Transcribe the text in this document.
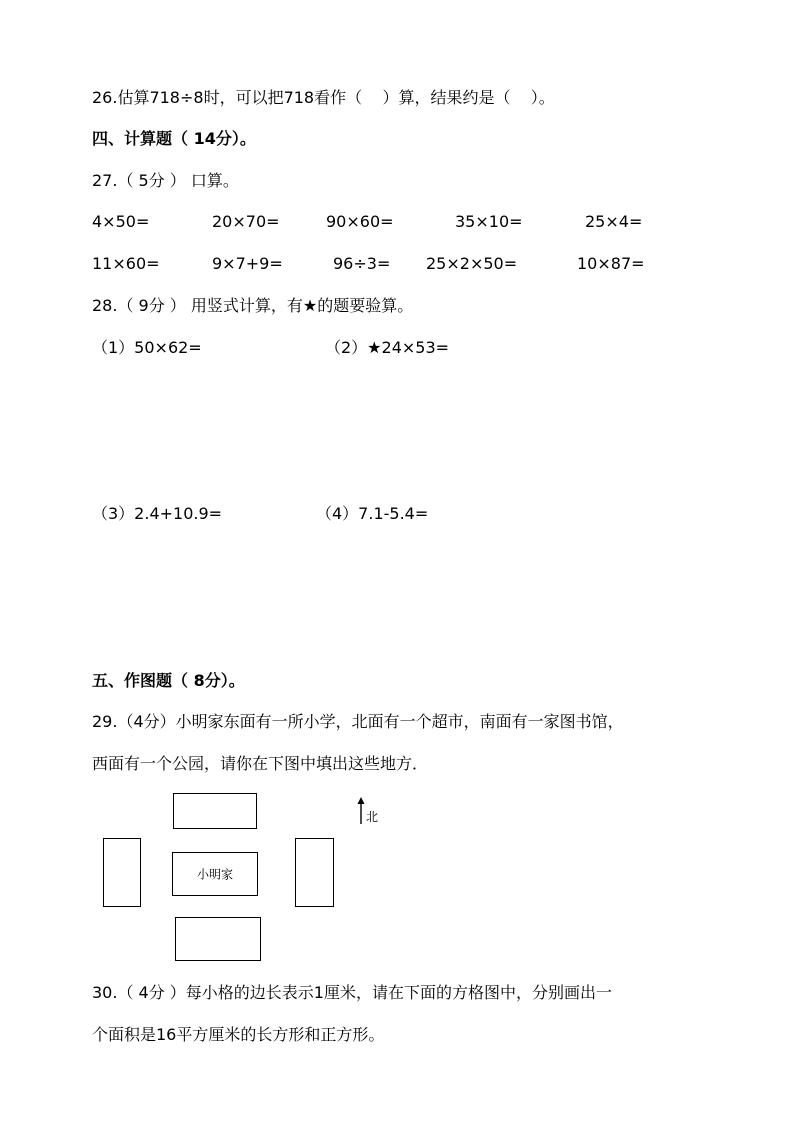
26.估算718÷8时，可以把718看作（    ）算，结果约是（    ）。
四、计算题（ 14分）。
27.（ 5分 ） 口算。
4×50=	20×70=	90×60=	35×10=	25×4=
11×60=	9×7+9=	96÷3= 25×2×50=	10×87=
28.（ 9分 ） 用竖式计算，有★的题要验算。
（1）50×62=	（2）★24×53=
（3）2.4+10.9=	（4）7.1-5.4=
五、作图题（ 8分）。
29.（4分）小明家东面有一所小学，北面有一个超市，南面有一家图书馆，
西面有一个公园，请你在下图中填出这些地方．
小明家
北
30.（ 4分 ）每小格的边长表示1厘米，请在下面的方格图中，分别画出一
个面积是16平方厘米的长方形和正方形。
